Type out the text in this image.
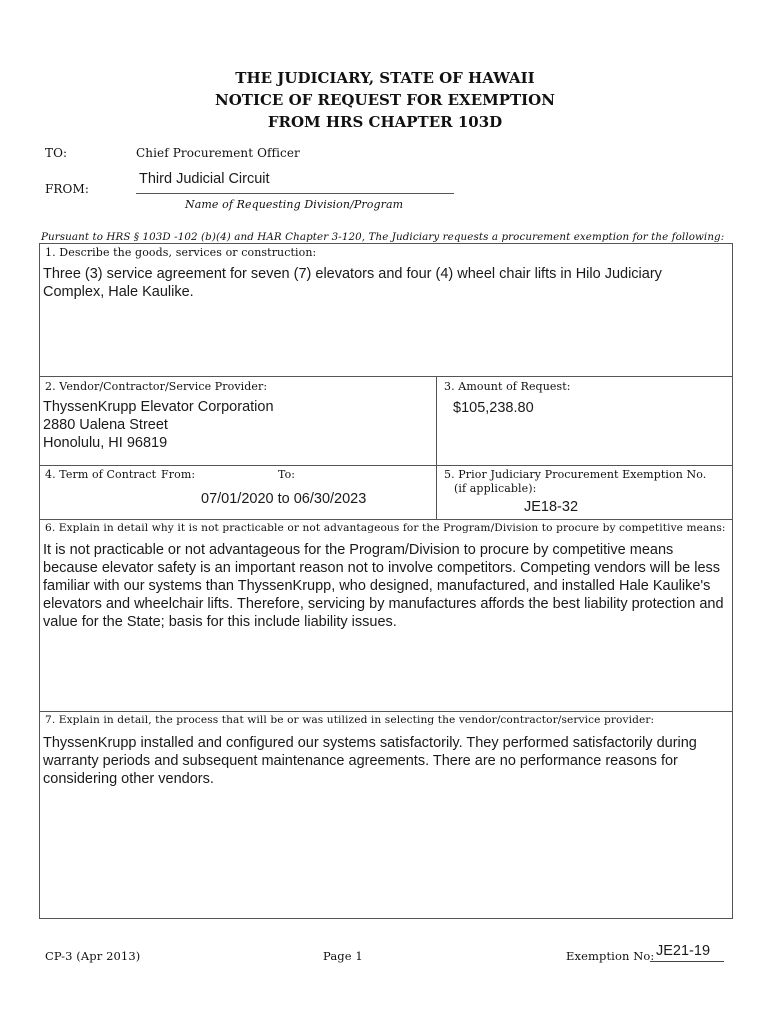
THE JUDICIARY, STATE OF HAWAII
NOTICE OF REQUEST FOR EXEMPTION
FROM HRS CHAPTER 103D
TO:	Chief Procurement Officer
FROM:
Third Judicial Circuit
Name of Requesting Division/Program
Pursuant to HRS § 103D -102 (b)(4) and HAR Chapter 3-120, The Judiciary requests a procurement exemption for the following:
1. Describe the goods, services or construction:
Three (3) service agreement for seven (7) elevators and four (4) wheel chair lifts in Hilo Judiciary Complex, Hale Kaulike.
2. Vendor/Contractor/Service Provider:
ThyssenKrupp Elevator Corporation
2880 Ualena Street
Honolulu, HI 96819
3. Amount of Request:
$105,238.80
4. Term of Contract From:	To:
07/01/2020 to 06/30/2023
5. Prior Judiciary Procurement Exemption No.
(if applicable):
JE18-32
6. Explain in detail why it is not practicable or not advantageous for the Program/Division to procure by competitive means:
It is not practicable or not advantageous for the Program/Division to procure by competitive means because elevator safety is an important reason not to involve competitors. Competing vendors will be less familiar with our systems than ThyssenKrupp, who designed, manufactured, and installed Hale Kaulike's elevators and wheelchair lifts. Therefore, servicing by manufactures affords the best liability protection and value for the State; basis for this include liability issues.
7. Explain in detail, the process that will be or was utilized in selecting the vendor/contractor/service provider:
ThyssenKrupp installed and configured our systems satisfactorily. They performed satisfactorily during warranty periods and subsequent maintenance agreements. There are no performance reasons for considering other vendors.
CP-3 (Apr 2013)	Page 1	Exemption No: JE21-19
